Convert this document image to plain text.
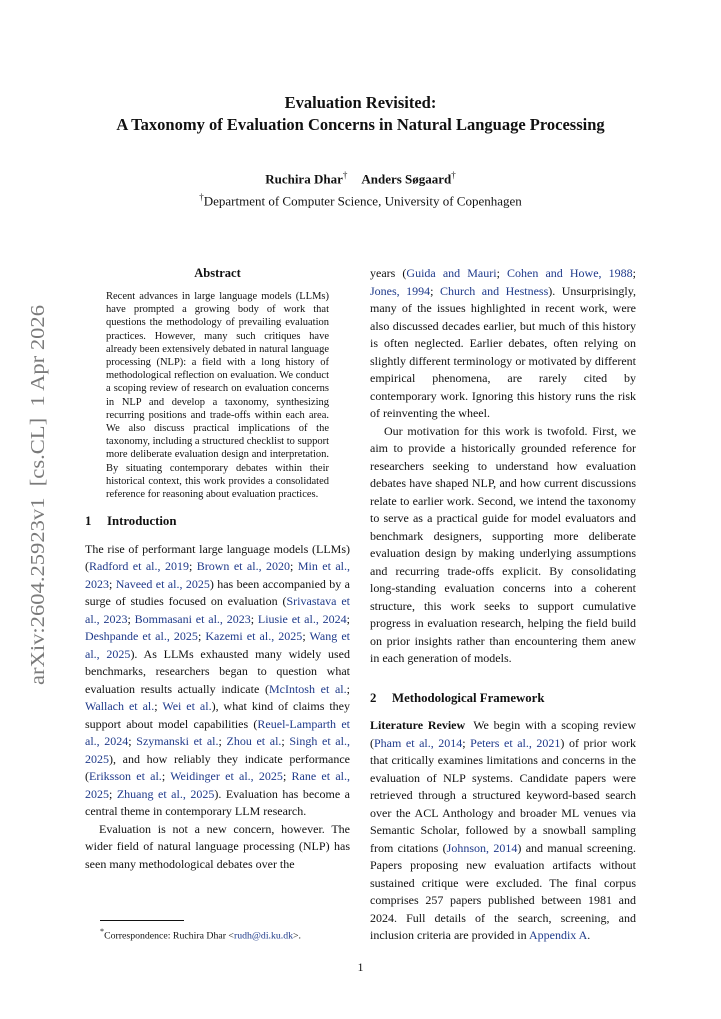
arXiv:2604.25923v1  [cs.CL]  1 Apr 2026
Evaluation Revisited:
A Taxonomy of Evaluation Concerns in Natural Language Processing
Ruchira Dhar† Anders Søgaard†
†Department of Computer Science, University of Copenhagen
Abstract

Recent advances in large language models (LLMs) have prompted a growing body of work that questions the methodology of prevailing evaluation practices. However, many such critiques have already been extensively debated in natural language processing (NLP): a field with a long history of methodological reflection on evaluation. We conduct a scoping review of research on evaluation concerns in NLP and develop a taxonomy, synthesizing recurring positions and trade-offs within each area. We also discuss practical implications of the taxonomy, including a structured checklist to support more deliberate evaluation design and interpretation. By situating contemporary debates within their historical context, this work provides a consolidated reference for reasoning about evaluation practices.

1 Introduction

The rise of performant large language models (LLMs) (Radford et al., 2019; Brown et al., 2020; Min et al., 2023; Naveed et al., 2025) has been accompanied by a surge of studies focused on evaluation (Srivastava et al., 2023; Bommasani et al., 2023; Liusie et al., 2024; Deshpande et al., 2025; Kazemi et al., 2025; Wang et al., 2025). As LLMs exhausted many widely used benchmarks, researchers began to question what evaluation results actually indicate (McIntosh et al.; Wallach et al.; Wei et al.), what kind of claims they support about model capabilities (Reuel-Lamparth et al., 2024; Szymanski et al.; Zhou et al.; Singh et al., 2025), and how reliably they indicate performance (Eriksson et al.; Weidinger et al., 2025; Rane et al., 2025; Zhuang et al., 2025). Evaluation has become a central theme in contemporary LLM research.

Evaluation is not a new concern, however. The wider field of natural language processing (NLP) has seen many methodological debates over the

years (Guida and Mauri; Cohen and Howe, 1988; Jones, 1994; Church and Hestness). Unsurprisingly, many of the issues highlighted in recent work, were also discussed decades earlier, but much of this history is often neglected. Earlier debates, often relying on slightly different terminology or motivated by different empirical phenomena, are rarely cited by contemporary work. Ignoring this history runs the risk of reinventing the wheel.

Our motivation for this work is twofold. First, we aim to provide a historically grounded reference for researchers seeking to understand how evaluation debates have shaped NLP, and how current discussions relate to earlier work. Second, we intend the taxonomy to serve as a practical guide for model evaluators and benchmark designers, supporting more deliberate evaluation design by making underlying assumptions and recurring trade-offs explicit. By consolidating long-standing evaluation concerns into a coherent structure, this work seeks to support cumulative progress in evaluation research, helping the field build on prior insights rather than encountering them anew in each generation of models.

2 Methodological Framework

Literature Review We begin with a scoping review (Pham et al., 2014; Peters et al., 2021) of prior work that critically examines limitations and concerns in the evaluation of NLP systems. Candidate papers were retrieved through a structured keyword-based search over the ACL Anthology and broader ML venues via Semantic Scholar, followed by a snowball sampling from citations (Johnson, 2014) and manual screening. Papers proposing new evaluation artifacts without sustained critique were excluded. The final corpus comprises 257 papers published between 1981 and 2024. Full details of the search, screening, and inclusion criteria are provided in Appendix A.

*Correspondence: Ruchira Dhar <rudh@di.ku.dk>.
1
